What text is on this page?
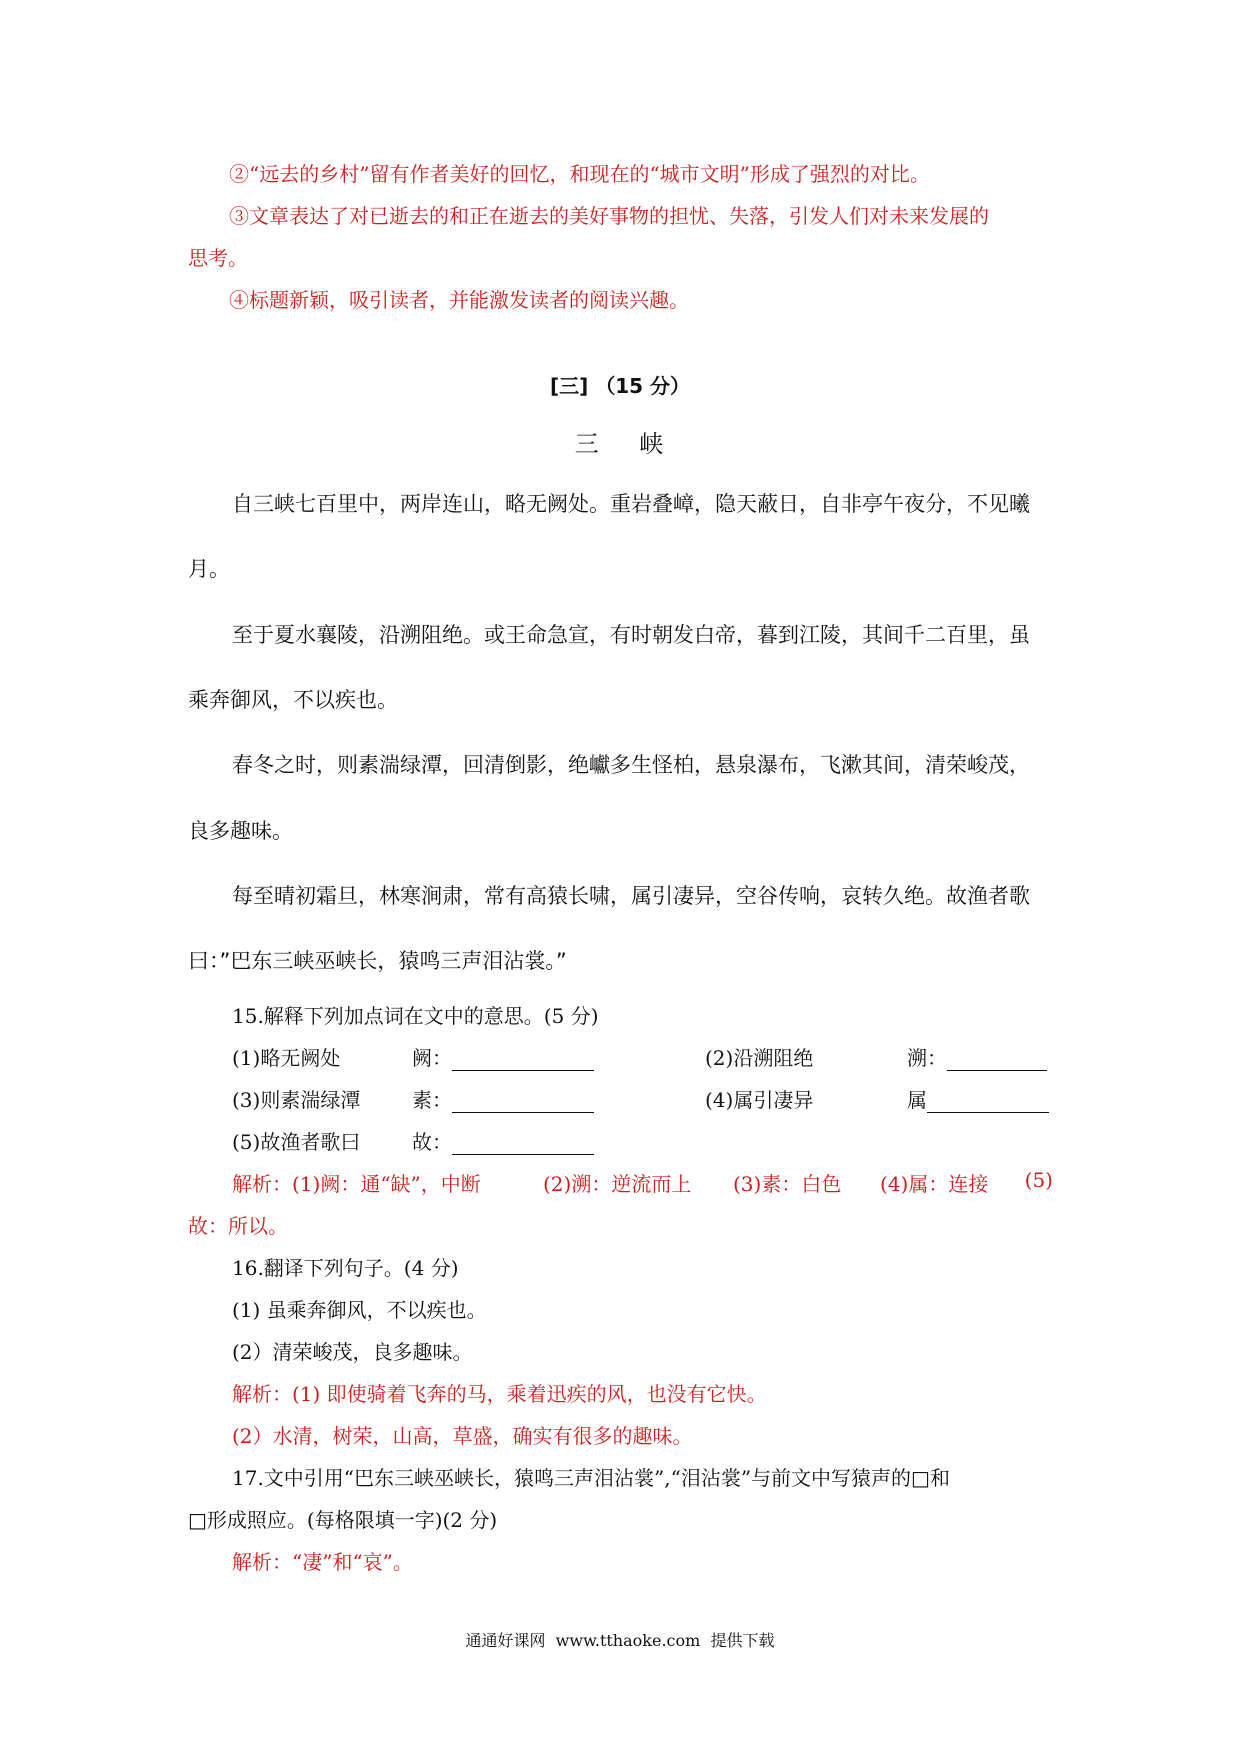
②“远去的乡村”留有作者美好的回忆，和现在的“城市文明”形成了强烈的对比。
③文章表达了对已逝去的和正在逝去的美好事物的担忧、失落，引发人们对未来发展的
思考。
④标题新颖，吸引读者，并能激发读者的阅读兴趣。
[三] （15 分）
三    峡
自三峡七百里中，两岸连山，略无阙处。重岩叠嶂，隐天蔽日，自非亭午夜分，不见曦
月。
至于夏水襄陵，沿溯阻绝。或王命急宣，有时朝发白帝，暮到江陵，其间千二百里，虽
乘奔御风，不以疾也。
春冬之时，则素湍绿潭，回清倒影，绝巘多生怪柏，悬泉瀑布，飞漱其间，清荣峻茂，
良多趣味。
每至晴初霜旦，林寒涧肃，常有高猿长啸，属引凄异，空谷传响，哀转久绝。故渔者歌
曰：”巴东三峡巫峡长，猿鸣三声泪沾裳。”
15.解释下列加点词在文中的意思。(5 分)
(1)略无阙处	阙：	(2)沿溯阻绝	溯：
(3)则素湍绿潭	素：	(4)属引凄异	属
(5)故渔者歌曰	故：
解析：(1)阙：通“缺”，中断	(2)溯：逆流而上 (3)素：白色 (4)属：连接 (5)
故：所以。
16.翻译下列句子。(4 分)
(1) 虽乘奔御风，不以疾也。
(2）清荣峻茂，良多趣味。
解析：(1) 即使骑着飞奔的马，乘着迅疾的风，也没有它快。
(2）水清，树荣，山高，草盛，确实有很多的趣味。
17.文中引用“巴东三峡巫峡长，猿鸣三声泪沾裳”,“泪沾裳”与前文中写猿声的□和
□形成照应。(每格限填一字)(2 分)
解析：“凄”和“哀”。
通通好课网  www.tthaoke.com  提供下载
